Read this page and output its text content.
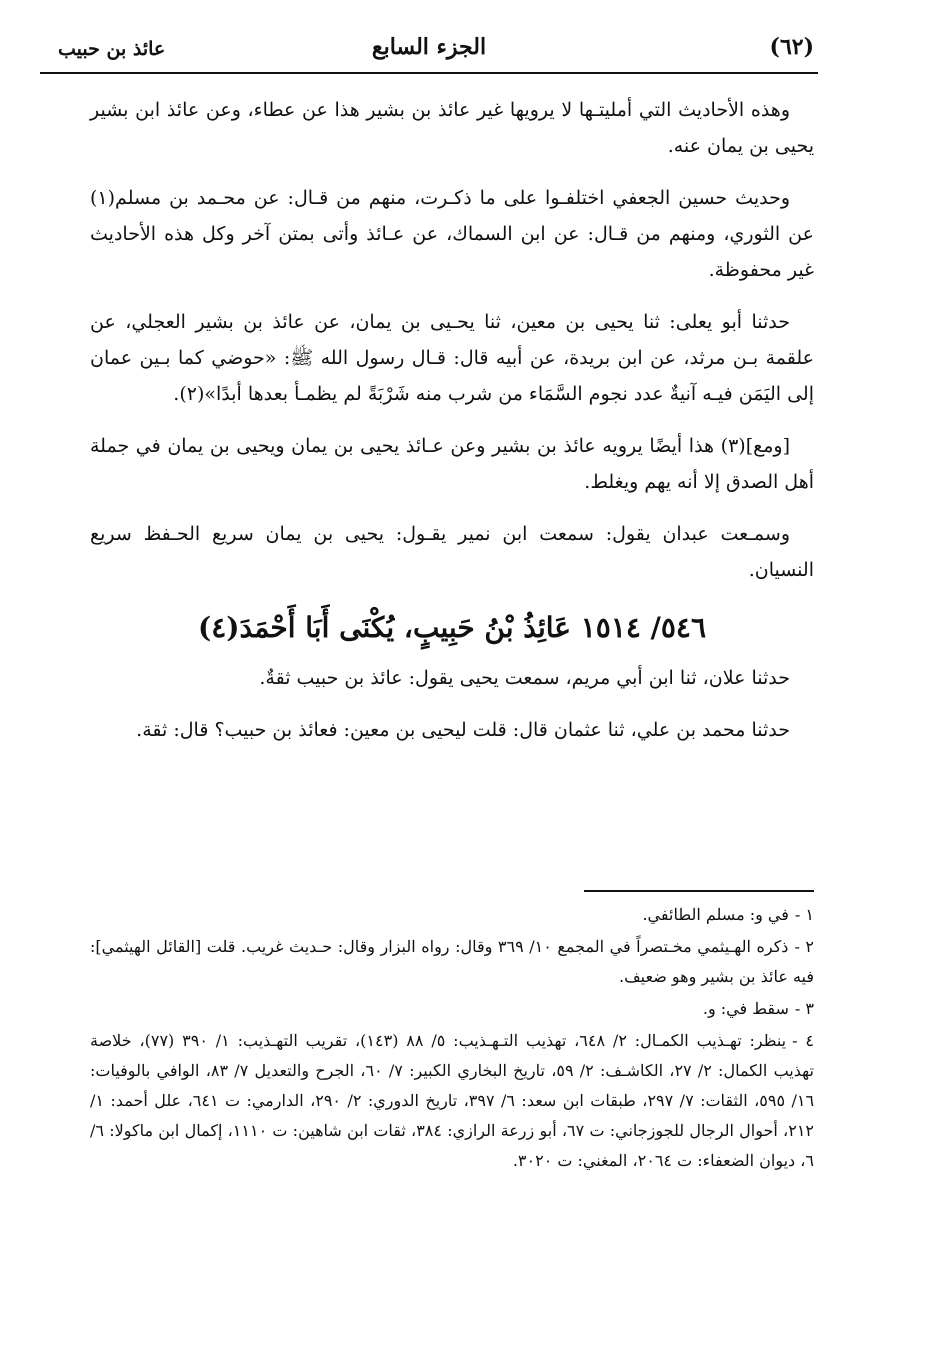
(٦٢)
الجزء السابع
عائذ بن حبيب

وهذه الأحاديث التي أمليتـها لا يرويها غير عائذ بن بشير هذا عن عطاء، وعن عائذ ابن بشير يحيى بن يمان عنه.

وحديث حسين الجعفي اختلفـوا على ما ذكـرت، منهم من قـال: عن محـمد بن مسلم(١) عن الثوري، ومنهم من قـال: عن ابن السماك، عن عـائذ وأتى بمتن آخر وكل هذه الأحاديث غير محفوظة.

حدثنا أبو يعلى: ثنا يحيى بن معين، ثنا يحـيى بن يمان، عن عائذ بن بشير العجلي، عن علقمة بـن مرثد، عن ابن بريدة، عن أبيه قال: قـال رسول الله ﷺ: «حوضي كما بـين عمان إلى اليَمَن فيـه آنيةٌ عدد نجوم السَّمَاء من شرب منه شَرْبَةً لم يظمـأ بعدها أبدًا»(٢).

[ومع](٣) هذا أيضًا يرويه عائذ بن بشير وعن عـائذ يحيى بن يمان ويحيى بن يمان في جملة أهل الصدق إلا أنه يهم ويغلط.

وسمـعت عبدان يقول: سمعت ابن نمير يقـول: يحيى بن يمان سريع الحـفظ سريع النسيان.

٥٤٦/ ١٥١٤ عَائِذُ بْنُ حَبِيبٍ، يُكْنَى أَبَا أَحْمَدَ(٤)

حدثنا علان، ثنا ابن أبي مريم، سمعت يحيى يقول: عائذ بن حبيب ثقةٌ.

حدثنا محمد بن علي، ثنا عثمان قال: قلت ليحيى بن معين: فعائذ بن حبيب؟ قال: ثقة.

١ -في و: مسلم الطائفي.
٢ -ذكره الهـيثمي مخـتصراً في المجمع ١٠/ ٣٦٩ وقال: رواه البزار وقال: حـديث غريب. قلت [القائل الهيثمي]: فيه عائذ بن بشير وهو ضعيف.
٣ -سقط في: و.
٤ -ينظر: تهـذيب الكمـال: ٢/ ٦٤٨، تهذيب التـهـذيب: ٥/ ٨٨ (١٤٣)، تقريب التهـذيب: ١/ ٣٩٠ (٧٧)، خلاصة تهذيب الكمال: ٢/ ٢٧، الكاشـف: ٢/ ٥٩، تاريخ البخاري الكبير: ٧/ ٦٠، الجرح والتعديل ٧/ ٨٣، الوافي بالوفيات: ١٦/ ٥٩٥، الثقات: ٧/ ٢٩٧، طبقات ابن سعد: ٦/ ٣٩٧، تاريخ الدوري: ٢/ ٢٩٠، الدارمي: ت ٦٤١، علل أحمد: ١/ ٢١٢، أحوال الرجال للجوزجاني: ت ٦٧، أبو زرعة الرازي: ٣٨٤، ثقات ابن شاهين: ت ١١١٠، إكمال ابن ماكولا: ٦/ ٦، ديوان الضعفاء: ت ٢٠٦٤، المغني: ت ٣٠٢٠.
